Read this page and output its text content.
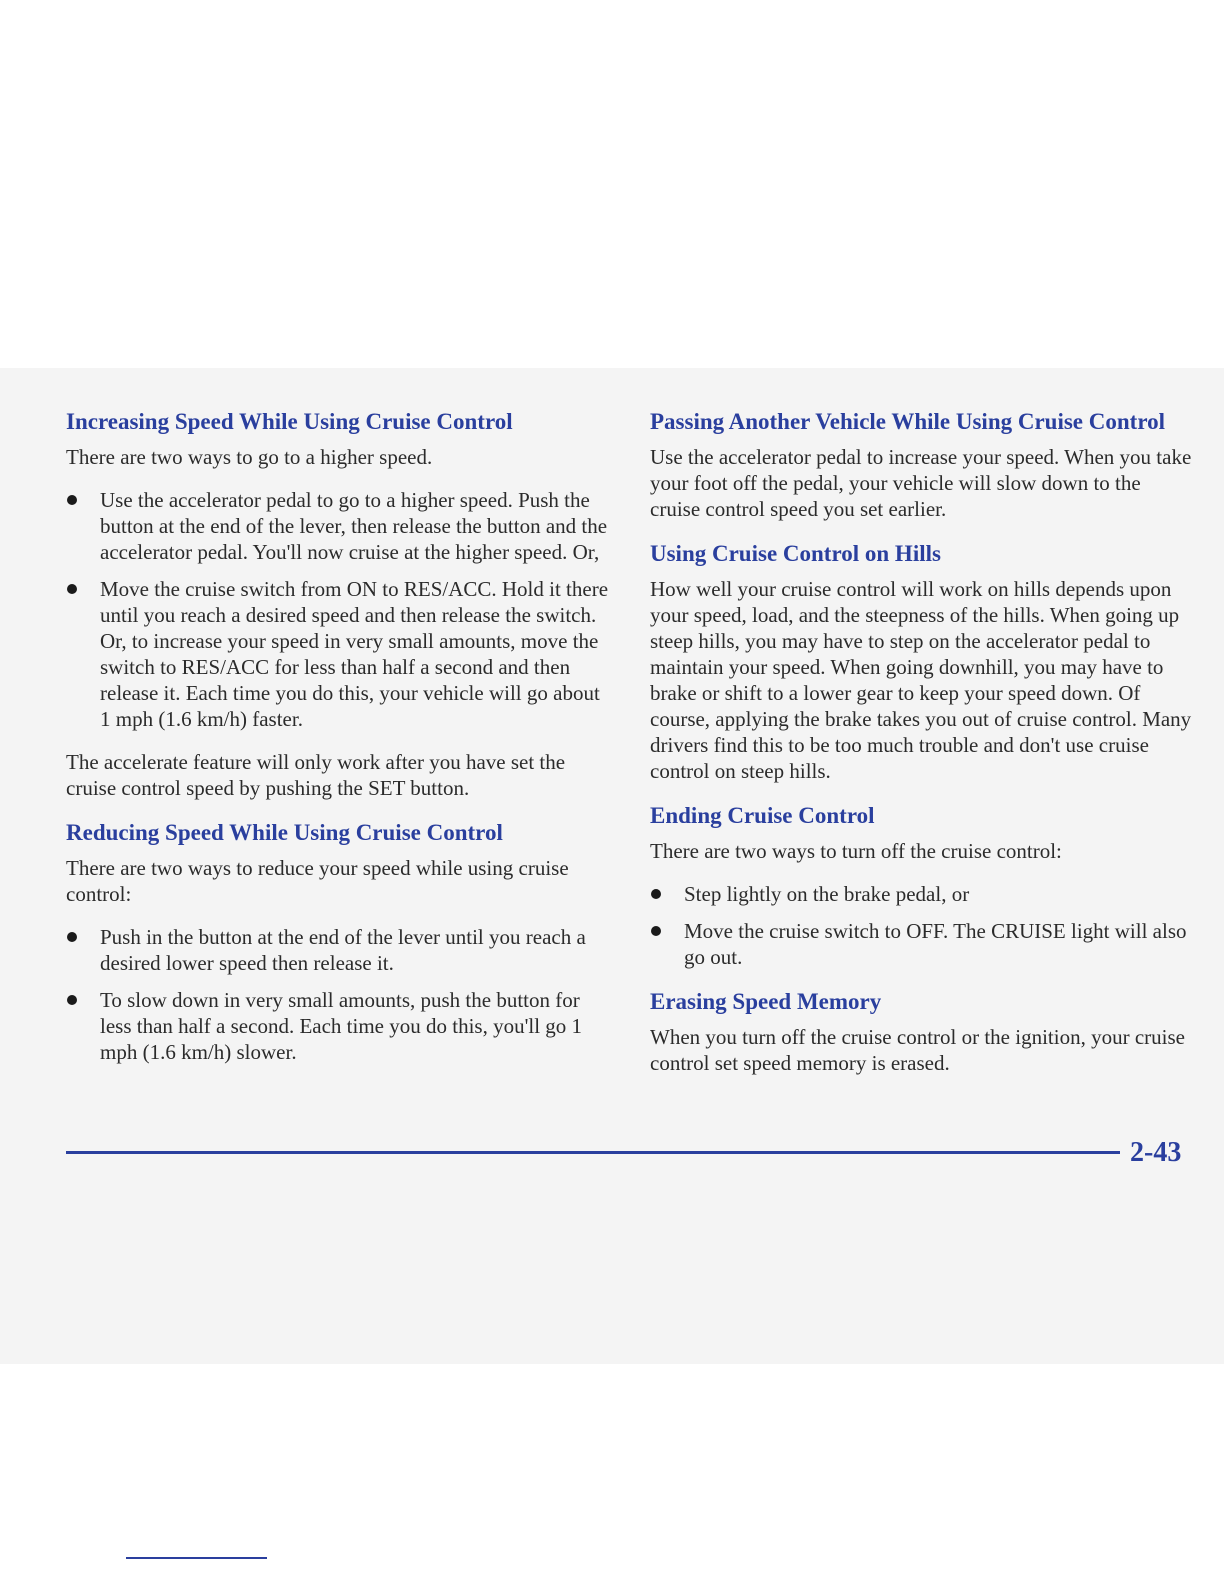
Increasing Speed While Using Cruise Control

There are two ways to go to a higher speed.

Use the accelerator pedal to go to a higher speed. Push the button at the end of the lever, then release the button and the accelerator pedal. You'll now cruise at the higher speed. Or,
Move the cruise switch from ON to RES/ACC. Hold it there until you reach a desired speed and then release the switch. Or, to increase your speed in very small amounts, move the switch to RES/ACC for less than half a second and then release it. Each time you do this, your vehicle will go about 1 mph (1.6 km/h) faster.

The accelerate feature will only work after you have set the cruise control speed by pushing the SET button.

Reducing Speed While Using Cruise Control

There are two ways to reduce your speed while using cruise control:

Push in the button at the end of the lever until you reach a desired lower speed then release it.
To slow down in very small amounts, push the button for less than half a second. Each time you do this, you'll go 1 mph (1.6 km/h) slower.
Passing Another Vehicle While Using Cruise Control

Use the accelerator pedal to increase your speed. When you take your foot off the pedal, your vehicle will slow down to the cruise control speed you set earlier.

Using Cruise Control on Hills

How well your cruise control will work on hills depends upon your speed, load, and the steepness of the hills. When going up steep hills, you may have to step on the accelerator pedal to maintain your speed. When going downhill, you may have to brake or shift to a lower gear to keep your speed down. Of course, applying the brake takes you out of cruise control. Many drivers find this to be too much trouble and don't use cruise control on steep hills.

Ending Cruise Control

There are two ways to turn off the cruise control:

Step lightly on the brake pedal, or
Move the cruise switch to OFF. The CRUISE light will also go out.
Erasing Speed Memory

When you turn off the cruise control or the ignition, your cruise control set speed memory is erased.

2-43
